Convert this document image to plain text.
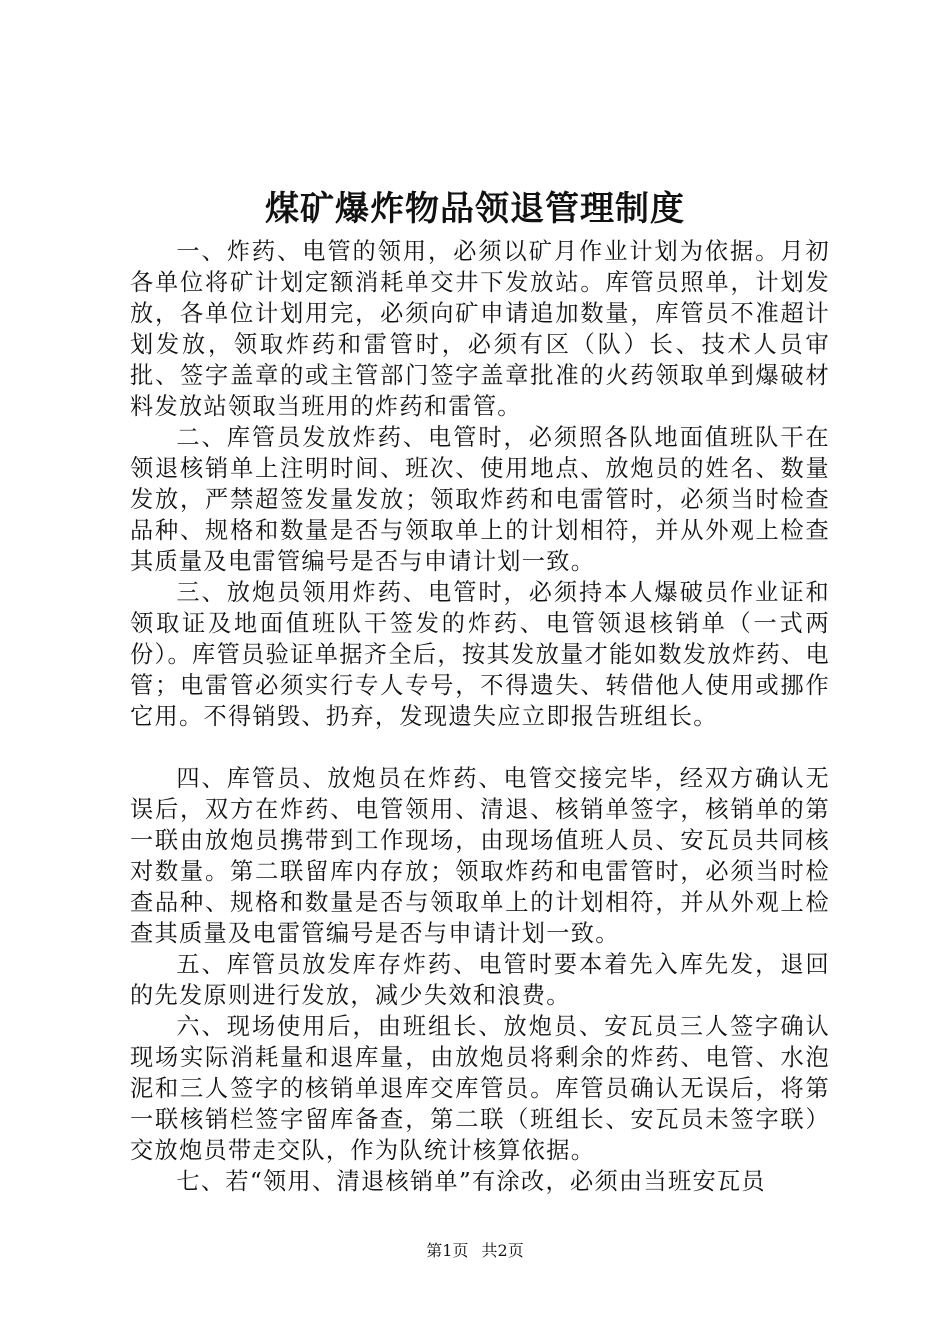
煤矿爆炸物品领退管理制度

一、炸药、电管的领用，必须以矿月作业计划为依据。月初各单位将矿计划定额消耗单交井下发放站。库管员照单，计划发放，各单位计划用完，必须向矿申请追加数量，库管员不准超计划发放，领取炸药和雷管时，必须有区（队）长、技术人员审批、签字盖章的或主管部门签字盖章批准的火药领取单到爆破材料发放站领取当班用的炸药和雷管。

二、库管员发放炸药、电管时，必须照各队地面值班队干在领退核销单上注明时间、班次、使用地点、放炮员的姓名、数量发放，严禁超签发量发放；领取炸药和电雷管时，必须当时检查品种、规格和数量是否与领取单上的计划相符，并从外观上检查其质量及电雷管编号是否与申请计划一致。

三、放炮员领用炸药、电管时，必须持本人爆破员作业证和领取证及地面值班队干签发的炸药、电管领退核销单（一式两份）。库管员验证单据齐全后，按其发放量才能如数发放炸药、电管；电雷管必须实行专人专号，不得遗失、转借他人使用或挪作它用。不得销毁、扔弃，发现遗失应立即报告班组长。

四、库管员、放炮员在炸药、电管交接完毕，经双方确认无误后，双方在炸药、电管领用、清退、核销单签字，核销单的第一联由放炮员携带到工作现场，由现场值班人员、安瓦员共同核对数量。第二联留库内存放；领取炸药和电雷管时，必须当时检查品种、规格和数量是否与领取单上的计划相符，并从外观上检查其质量及电雷管编号是否与申请计划一致。

五、库管员放发库存炸药、电管时要本着先入库先发，退回的先发原则进行发放，减少失效和浪费。

六、现场使用后，由班组长、放炮员、安瓦员三人签字确认现场实际消耗量和退库量，由放炮员将剩余的炸药、电管、水泡泥和三人签字的核销单退库交库管员。库管员确认无误后，将第一联核销栏签字留库备查，第二联（班组长、安瓦员未签字联）交放炮员带走交队，作为队统计核算依据。

七、若“领用、清退核销单”有涂改，必须由当班安瓦员

第1页 共2页
